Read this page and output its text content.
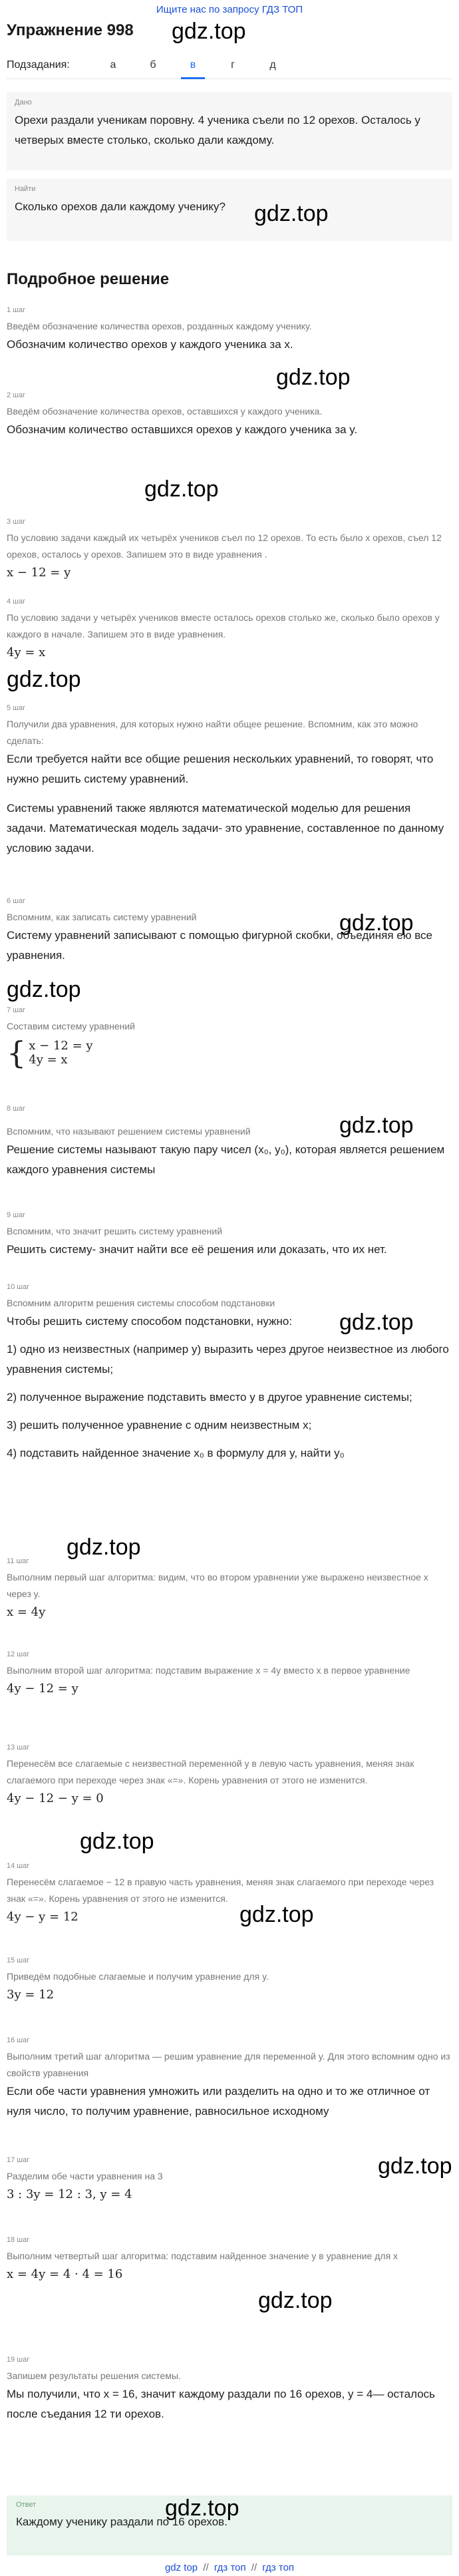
Ищите нас по запросу ГДЗ ТОП
Упражнение 998 gdz.top
Подзадания:	а	б	в	г	д
Дано
Орехи раздали ученикам поровну. 4 ученика съели по 12 орехов. Осталось у четверых вместе столько, сколько дали каждому.
Найти
Сколько орехов дали каждому ученику?	gdz.top
Подробное решение
1 шаг
Введём обозначение количества орехов, розданных каждому ученику.
Обозначим количество орехов у каждого ученика за x.
gdz.top
2 шаг
Введём обозначение количества орехов, оставшихся у каждого ученика.
Обозначим количество оставшихся орехов у каждого ученика за y.
gdz.top
3 шаг
По условию задачи каждый их четырёх учеников съел по 12 орехов. То есть было x орехов, съел 12 орехов, осталось y орехов. Запишем это в виде уравнения .
x − 12 = y
4 шаг
По условию задачи у четырёх учеников вместе осталось орехов столько же, сколько было орехов у каждого в начале. Запишем это в виде уравнения.
4y = x
gdz.top
5 шаг
Получили два уравнения, для которых нужно найти общее решение. Вспомним, как это можно сделать:
Если требуется найти все общие решения нескольких уравнений, то говорят, что нужно решить систему уравнений.
Системы уравнений также являются математической моделью для решения задачи. Математическая модель задачи- это уравнение, составленное по данному условию задачи.
gdz.top
6 шаг
Вспомним, как записать систему уравнений
Систему уравнений записывают с помощью фигурной скобки, объединяя ею все уравнения.
gdz.top
7 шаг
Составим систему уравнений
{ x − 12 = y
4y = x
gdz.top
8 шаг
Вспомним, что называют решением системы уравнений
Решение системы называют такую пару чисел (x₀, y₀), которая является решением каждого уравнения системы
9 шаг
Вспомним, что значит решить систему уравнений
Решить систему- значит найти все её решения или доказать, что их нет.
gdz.top
10 шаг
Вспомним алгоритм решения системы способом подстановки
Чтобы решить систему способом подстановки, нужно:
1) одно из неизвестных (например y) выразить через другое неизвестное из любого уравнения системы;
2) полученное выражение подставить вместо y в другое уравнение системы;
3) решить полученное уравнение с одним неизвестным x;
4) подставить найденное значение x₀ в формулу для y, найти y₀
gdz.top
11 шаг
Выполним первый шаг алгоритма: видим, что во втором уравнении уже выражено неизвестное x через y.
x = 4y
12 шаг
Выполним второй шаг алгоритма: подставим выражение x = 4y вместо x в первое уравнение
4y − 12 = y
13 шаг
Перенесём все слагаемые с неизвестной переменной y в левую часть уравнения, меняя знак слагаемого при переходе через знак «=». Корень уравнения от этого не изменится.
4y − 12 − y = 0
gdz.top
14 шаг
Перенесём слагаемое − 12 в правую часть уравнения, меняя знак слагаемого при переходе через знак «=». Корень уравнения от этого не изменится.
4y − y = 12	gdz.top
15 шаг
Приведём подобные слагаемые и получим уравнение для y.
3y = 12
16 шаг
Выполним третий шаг алгоритма — решим уравнение для переменной y. Для этого вспомним одно из свойств уравнения
Если обе части уравнения умножить или разделить на одно и то же отличное от нуля число, то получим уравнение, равносильное исходному
gdz.top
17 шаг
Разделим обе части уравнения на 3
3 : 3y = 12 : 3, y = 4
18 шаг
Выполним четвертый шаг алгоритма: подставим найденное значение y в уравнение для x
x = 4y = 4 · 4 = 16
gdz.top
19 шаг
Запишем результаты решения системы.
Мы получили, что x = 16, значит каждому раздали по 16 орехов, y = 4— осталось после съедания 12 ти орехов.
Ответ
Каждому ученику раздали по 16 орехов.
gdz.top
gdz top // гдз топ // гдз топ
